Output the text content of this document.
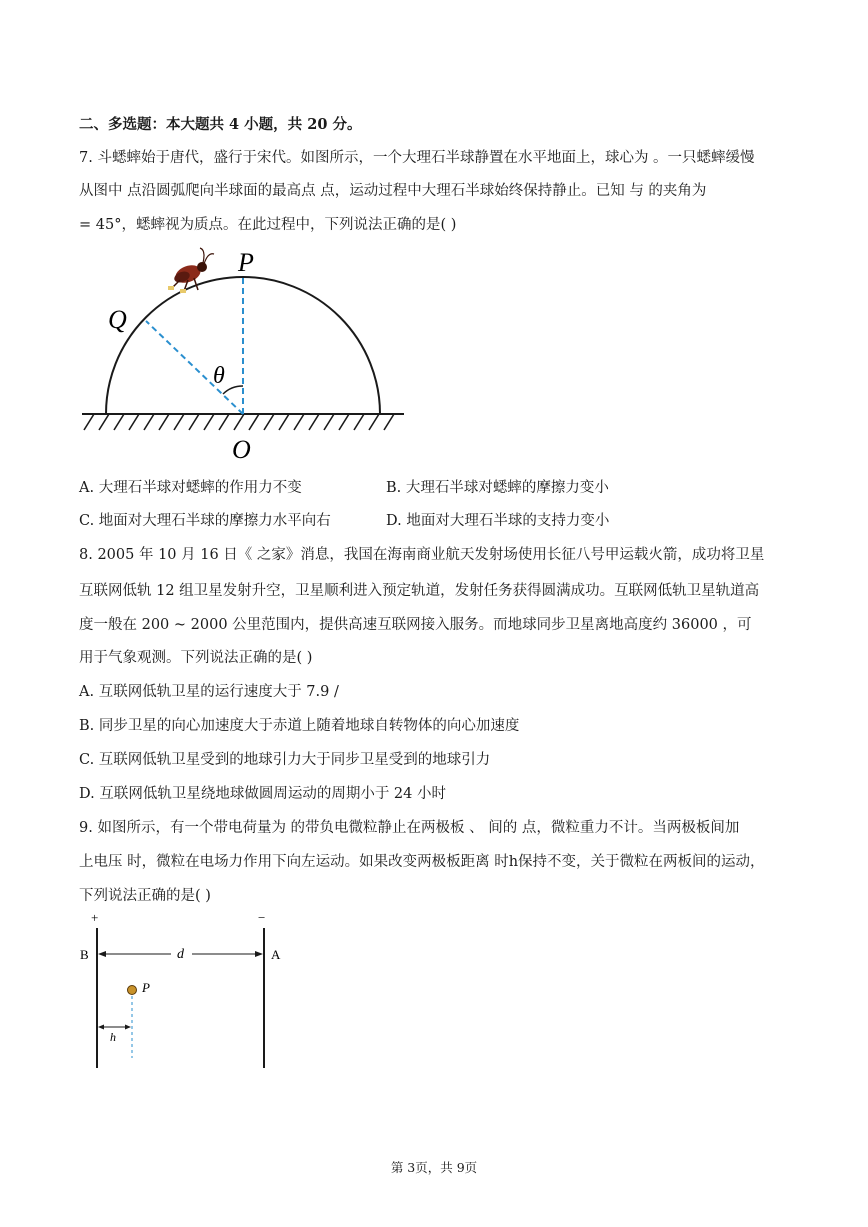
二、多选题：本大题共 4 小题，共 20 分。
7. 斗蟋蟀始于唐代，盛行于宋代。如图所示，一个大理石半球静置在水平地面上，球心为 。一只蟋蟀缓慢
从图中 点沿圆弧爬向半球面的最高点 点，运动过程中大理石半球始终保持静止。已知 与 的夹角为
= 45°，蟋蟀视为质点。在此过程中，下列说法正确的是( )
P
Q
O
θ
A. 大理石半球对蟋蟀的作用力不变	B. 大理石半球对蟋蟀的摩擦力变小
C. 地面对大理石半球的摩擦力水平向右	D. 地面对大理石半球的支持力变小
8. 2005 年 10 月 16 日《 之家》消息，我国在海南商业航天发射场使用长征八号甲运载火箭，成功将卫星
互联网低轨 12 组卫星发射升空，卫星顺利进入预定轨道，发射任务获得圆满成功。互联网低轨卫星轨道高
度一般在 200 ~ 2000 公里范围内，提供高速互联网接入服务。而地球同步卫星离地高度约 36000 ，可
用于气象观测。下列说法正确的是( )
A. 互联网低轨卫星的运行速度大于 7.9 /
B. 同步卫星的向心加速度大于赤道上随着地球自转物体的向心加速度
C. 互联网低轨卫星受到的地球引力大于同步卫星受到的地球引力
D. 互联网低轨卫星绕地球做圆周运动的周期小于 24 小时
9. 如图所示，有一个带电荷量为 的带负电微粒静止在两极板 、 间的 点，微粒重力不计。当两极板间加
上电压 时，微粒在电场力作用下向左运动。如果改变两极板距离 时h保持不变，关于微粒在两板间的运动，
下列说法正确的是( )
+	−
B	A
d
P
h
第 3页，共 9页
